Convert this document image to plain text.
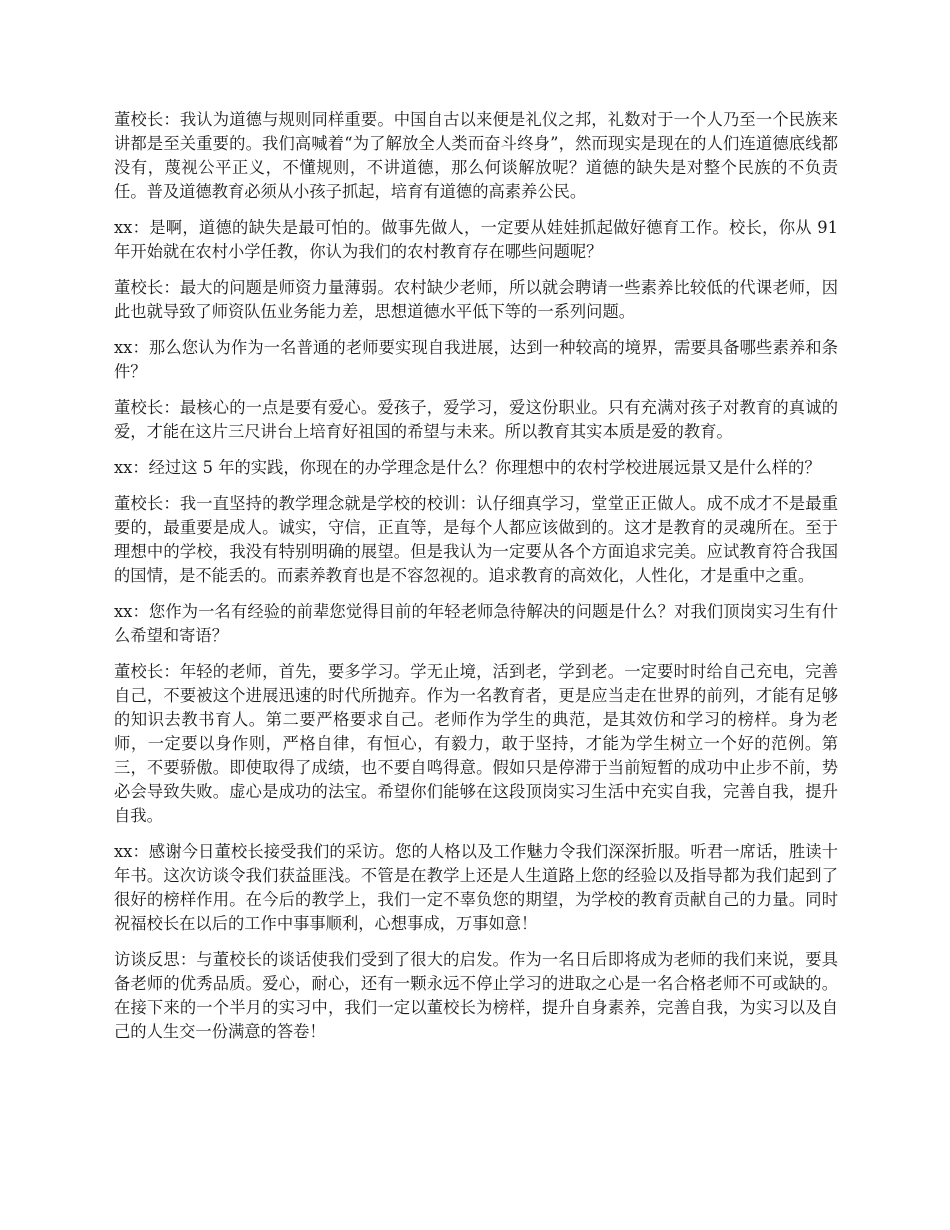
董校长：我认为道德与规则同样重要。中国自古以来便是礼仪之邦，礼数对于一个人乃至一个民族来讲都是至关重要的。我们高喊着“为了解放全人类而奋斗终身”，然而现实是现在的人们连道德底线都没有，蔑视公平正义，不懂规则，不讲道德，那么何谈解放呢？道德的缺失是对整个民族的不负责任。普及道德教育必须从小孩子抓起，培育有道德的高素养公民。

xx：是啊，道德的缺失是最可怕的。做事先做人，一定要从娃娃抓起做好德育工作。校长，你从 91 年开始就在农村小学任教，你认为我们的农村教育存在哪些问题呢？

董校长：最大的问题是师资力量薄弱。农村缺少老师，所以就会聘请一些素养比较低的代课老师，因此也就导致了师资队伍业务能力差，思想道德水平低下等的一系列问题。

xx：那么您认为作为一名普通的老师要实现自我进展，达到一种较高的境界，需要具备哪些素养和条件？

董校长：最核心的一点是要有爱心。爱孩子，爱学习，爱这份职业。只有充满对孩子对教育的真诚的爱，才能在这片三尺讲台上培育好祖国的希望与未来。所以教育其实本质是爱的教育。

xx：经过这 5 年的实践，你现在的办学理念是什么？你理想中的农村学校进展远景又是什么样的？

董校长：我一直坚持的教学理念就是学校的校训：认仔细真学习，堂堂正正做人。成不成才不是最重要的，最重要是成人。诚实，守信，正直等，是每个人都应该做到的。这才是教育的灵魂所在。至于理想中的学校，我没有特别明确的展望。但是我认为一定要从各个方面追求完美。应试教育符合我国的国情，是不能丢的。而素养教育也是不容忽视的。追求教育的高效化，人性化，才是重中之重。

xx：您作为一名有经验的前辈您觉得目前的年轻老师急待解决的问题是什么？对我们顶岗实习生有什么希望和寄语？

董校长：年轻的老师，首先，要多学习。学无止境，活到老，学到老。一定要时时给自己充电，完善自己，不要被这个进展迅速的时代所抛弃。作为一名教育者，更是应当走在世界的前列，才能有足够的知识去教书育人。第二要严格要求自己。老师作为学生的典范，是其效仿和学习的榜样。身为老师，一定要以身作则，严格自律，有恒心，有毅力，敢于坚持，才能为学生树立一个好的范例。第三，不要骄傲。即使取得了成绩，也不要自鸣得意。假如只是停滞于当前短暂的成功中止步不前，势必会导致失败。虚心是成功的法宝。希望你们能够在这段顶岗实习生活中充实自我，完善自我，提升自我。

xx：感谢今日董校长接受我们的采访。您的人格以及工作魅力令我们深深折服。听君一席话，胜读十年书。这次访谈令我们获益匪浅。不管是在教学上还是人生道路上您的经验以及指导都为我们起到了很好的榜样作用。在今后的教学上，我们一定不辜负您的期望，为学校的教育贡献自己的力量。同时祝福校长在以后的工作中事事顺利，心想事成，万事如意！

访谈反思：与董校长的谈话使我们受到了很大的启发。作为一名日后即将成为老师的我们来说，要具备老师的优秀品质。爱心，耐心，还有一颗永远不停止学习的进取之心是一名合格老师不可或缺的。在接下来的一个半月的实习中，我们一定以董校长为榜样，提升自身素养，完善自我，为实习以及自己的人生交一份满意的答卷！
